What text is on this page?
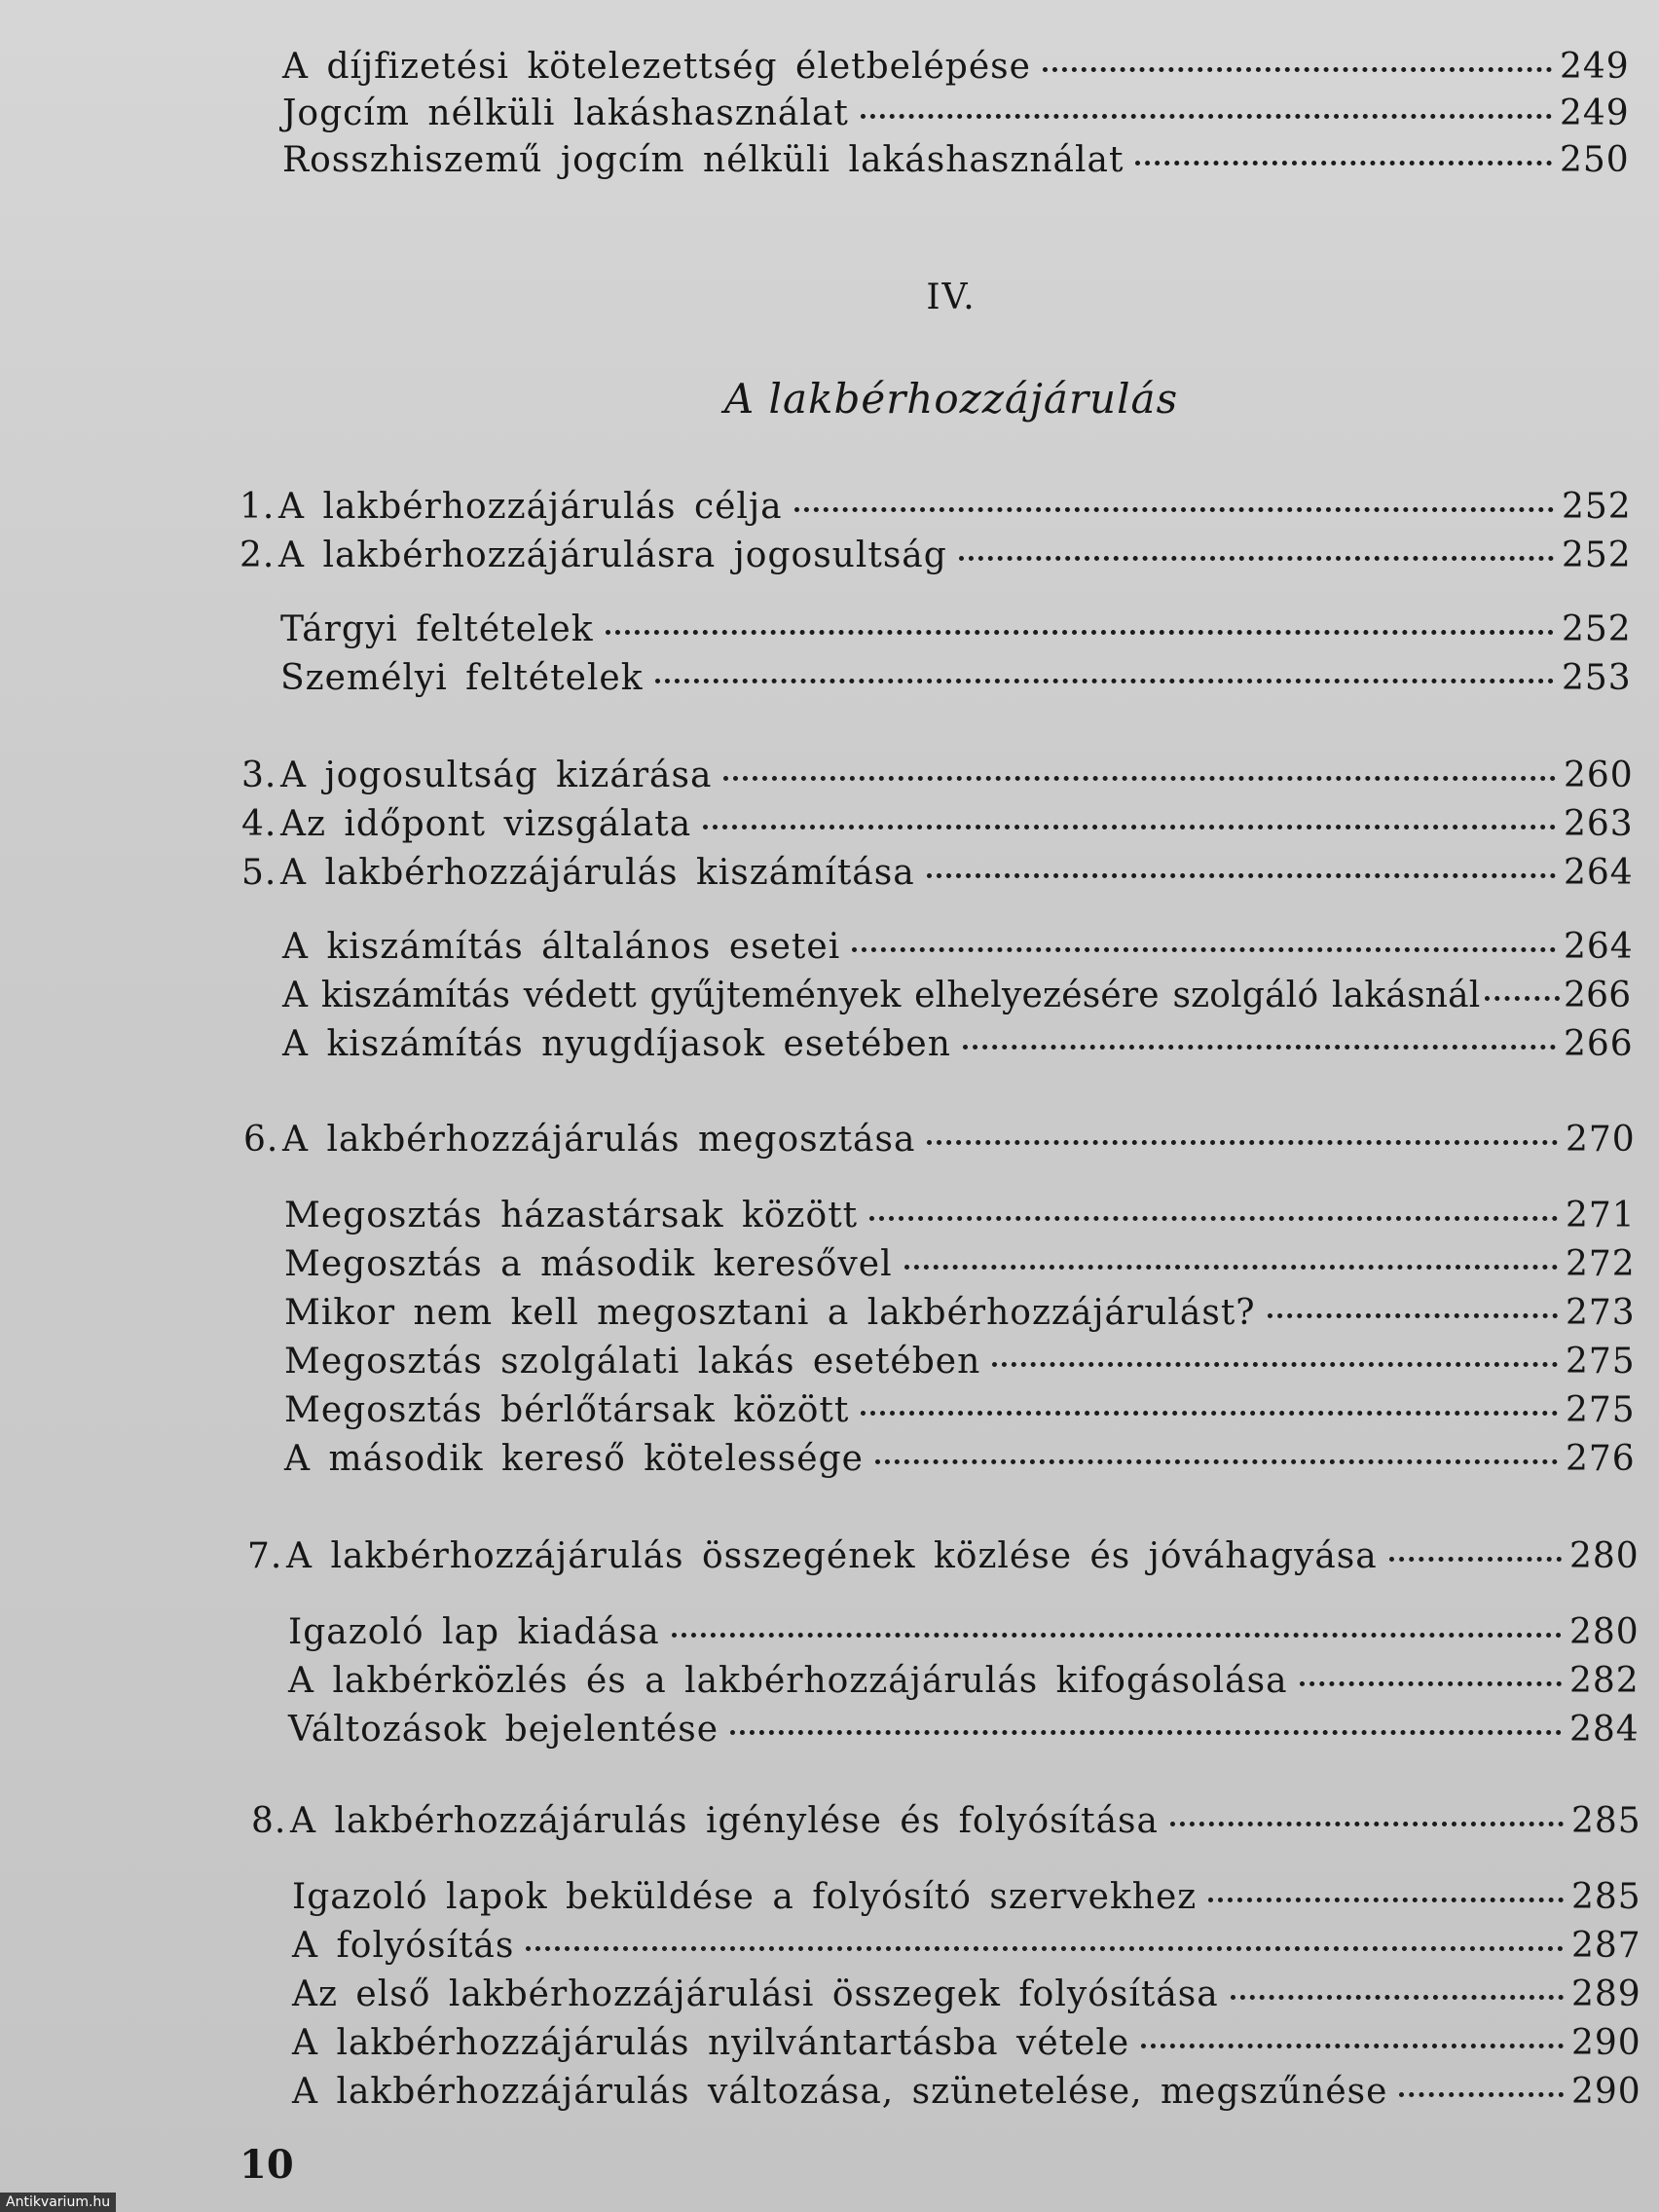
A díjfizetési kötelezettség életbelépése	249
Jogcím nélküli lakáshasználat	249
Rosszhiszemű jogcím nélküli lakáshasználat	250
IV.
A lakbérhozzájárulás
1. A lakbérhozzájárulás célja	252
2. A lakbérhozzájárulásra jogosultság	252
Tárgyi feltételek	252
Személyi feltételek	253
3. A jogosultság kizárása	260
4. Az időpont vizsgálata	263
5. A lakbérhozzájárulás kiszámítása	264
A kiszámítás általános esetei	264
A kiszámítás védett gyűjtemények elhelyezésére szolgáló lakásnál 266
A kiszámítás nyugdíjasok esetében	266
6. A lakbérhozzájárulás megosztása	270
Megosztás házastársak között	271
Megosztás a második keresővel	272
Mikor nem kell megosztani a lakbérhozzájárulást?	273
Megosztás szolgálati lakás esetében	275
Megosztás bérlőtársak között	275
A második kereső kötelessége	276
7. A lakbérhozzájárulás összegének közlése és jóváhagyása	280
Igazoló lap kiadása	280
A lakbérközlés és a lakbérhozzájárulás kifogásolása	282
Változások bejelentése	284
8. A lakbérhozzájárulás igénylése és folyósítása	285
Igazoló lapok beküldése a folyósító szervekhez	285
A folyósítás	287
Az első lakbérhozzájárulási összegek folyósítása	289
A lakbérhozzájárulás nyilvántartásba vétele	290
A lakbérhozzájárulás változása, szünetelése, megszűnése	290
10
Antikvarium.hu
